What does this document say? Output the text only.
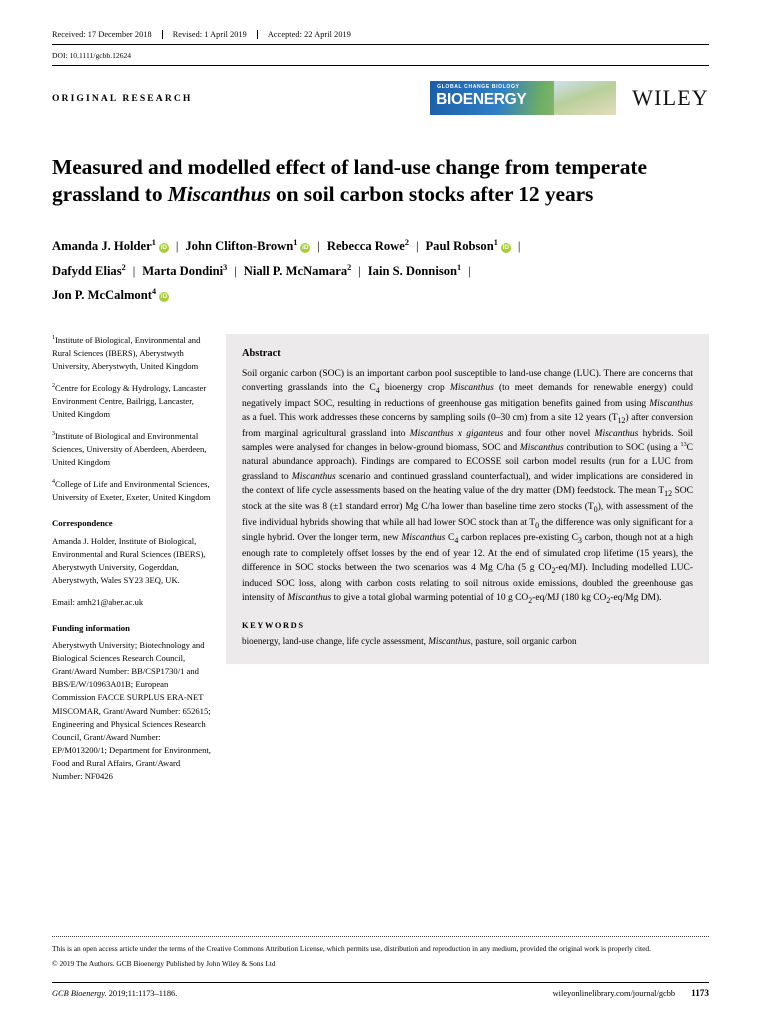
Received: 17 December 2018	Revised: 1 April 2019	Accepted: 22 April 2019
DOI: 10.1111/gcbb.12624
ORIGINAL RESEARCH
GLOBAL CHANGE BIOLOGY
BIOENERGY	WILEY
Measured and modelled effect of land-use change from temperate
grassland to Miscanthus on soil carbon stocks after 12 years
Amanda J. Holder$^1$iD | John Clifton-Brown$^1$iD | Rebecca Rowe$^2$ | Paul Robson$^1$iD |
Dafydd Elias$^2$ | Marta Dondini$^3$ | Niall P. McNamara$^2$ | Iain S. Donnison$^1$ |
Jon P. McCalmont$^4$iD

$^1$Institute of Biological, Environmental and Rural Sciences (IBERS), Aberystwyth University, Aberystwyth, United Kingdom

$^2$Centre for Ecology & Hydrology, Lancaster Environment Centre, Bailrigg, Lancaster, United Kingdom

$^3$Institute of Biological and Environmental Sciences, University of Aberdeen, Aberdeen, United Kingdom

$^4$College of Life and Environmental Sciences, University of Exeter, Exeter, United Kingdom

Correspondence

Amanda J. Holder, Institute of Biological, Environmental and Rural Sciences (IBERS), Aberystwyth University, Gogerddan, Aberystwyth, Wales SY23 3EQ, UK.

Email: amh21@aber.ac.uk

Funding information

Aberystwyth University; Biotechnology and Biological Sciences Research Council, Grant/Award Number: BB/CSP1730/1 and BBS/E/W/10963A01B; European Commission FACCE SURPLUS ERA-NET MISCOMAR, Grant/Award Number: 652615; Engineering and Physical Sciences Research Council, Grant/Award Number: EP/M013200/1; Department for Environment, Food and Rural Affairs, Grant/Award Number: NF0426

Abstract

Soil organic carbon (SOC) is an important carbon pool susceptible to land-use change (LUC). There are concerns that converting grasslands into the $C_4$ bioenergy crop Miscanthus (to meet demands for renewable energy) could negatively impact SOC, resulting in reductions of greenhouse gas mitigation benefits gained from using Miscanthus as a fuel. This work addresses these concerns by sampling soils (0–30 cm) from a site 12 years $(T_{12})$ after conversion from marginal agricultural grassland into Miscanthus x giganteus and four other novel Miscanthus hybrids. Soil samples were analysed for changes in below-ground biomass, SOC and Miscanthus contribution to SOC (using a $^{13}$C natural abundance approach). Findings are compared to ECOSSE soil carbon model results (run for a LUC from grassland to Miscanthus scenario and continued grassland counterfactual), and wider implications are considered in the context of life cycle assessments based on the heating value of the dry matter (DM) feedstock. The mean $T_{12}$ SOC stock at the site was 8 (±1 standard error) Mg C/ha lower than baseline time zero stocks $(T_0)$, with assessment of the five individual hybrids showing that while all had lower SOC stock than at $T_0$ the difference was only significant for a single hybrid. Over the longer term, new Miscanthus $C_4$ carbon replaces pre-existing $C_3$ carbon, though not at a high enough rate to completely offset losses by the end of year 12. At the end of simulated crop lifetime (15 years), the difference in SOC stocks between the two scenarios was 4 Mg C/ha (5 g $CO_2-eq/MJ$). Including modelled LUC-induced SOC loss, along with carbon costs relating to soil nitrous oxide emissions, doubled the greenhouse gas intensity of Miscanthus to give a total global warming potential of 10 g $CO_2-eq/MJ$ (180 kg $CO_2-eq/Mg$ DM).

KEYWORDS
bioenergy, land-use change, life cycle assessment, Miscanthus, pasture, soil organic carbon
This is an open access article under the terms of the Creative Commons Attribution License, which permits use, distribution and reproduction in any medium, provided the original work is properly cited.
© 2019 The Authors. GCB Bioenergy Published by John Wiley & Sons Ltd
GCB Bioenergy. 2019;11:1173–1186.	wileyonlinelibrary.com/journal/gcbb 1173
